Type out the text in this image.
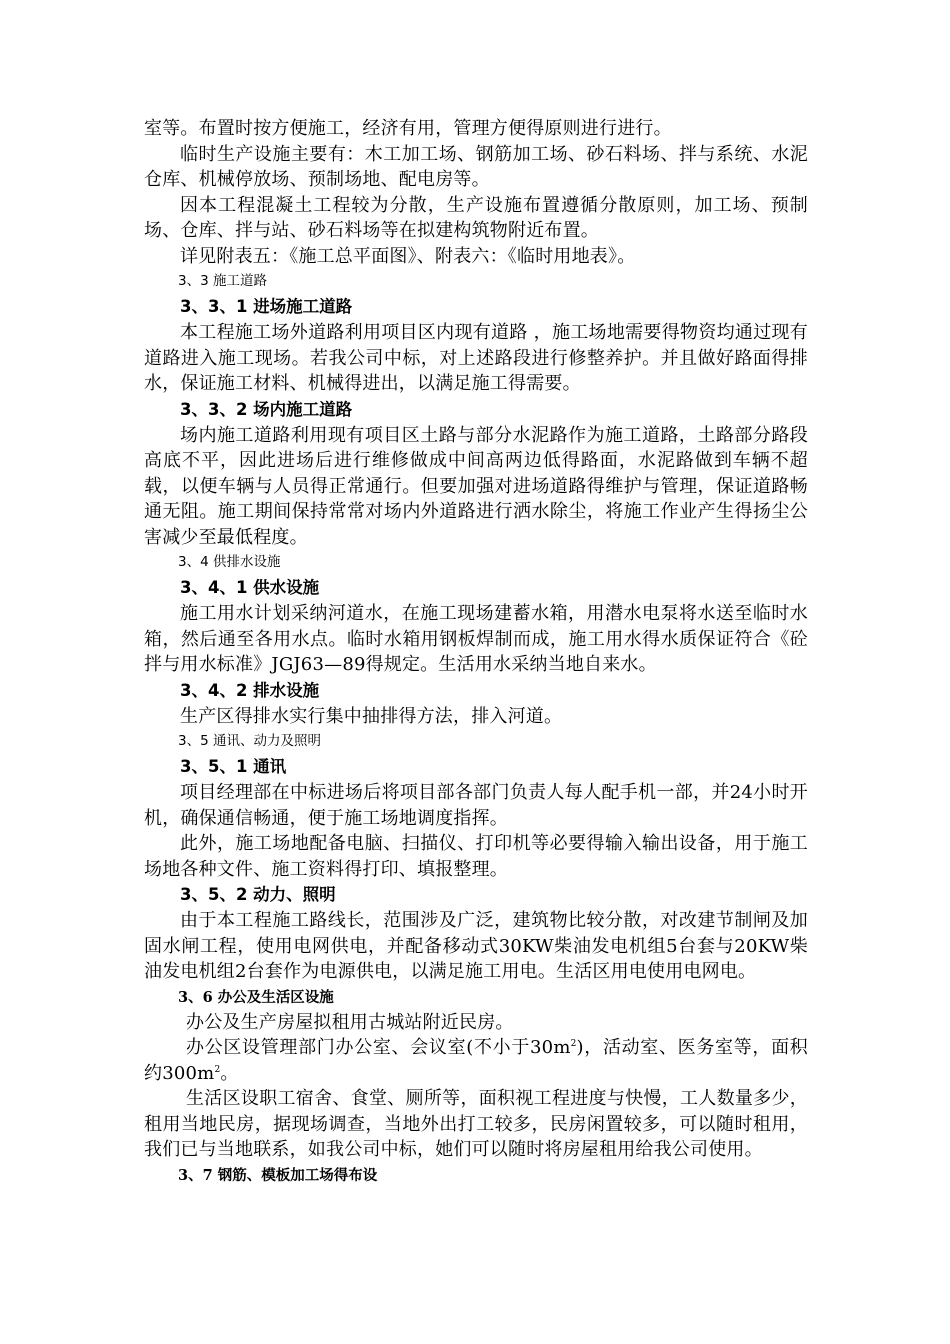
室等。布置时按方便施工，经济有用，管理方便得原则进行进行。

临时生产设施主要有：木工加工场、钢筋加工场、砂石料场、拌与系统、水泥仓库、机械停放场、预制场地、配电房等。

因本工程混凝土工程较为分散，生产设施布置遵循分散原则，加工场、预制场、仓库、拌与站、砂石料场等在拟建构筑物附近布置。

详见附表五：《施工总平面图》、附表六：《临时用地表》。

3、3 施工道路

3、3、1 进场施工道路

本工程施工场外道路利用项目区内现有道路 ，施工场地需要得物资均通过现有道路进入施工现场。若我公司中标，对上述路段进行修整养护。并且做好路面得排水，保证施工材料、机械得进出，以满足施工得需要。

3、3、2 场内施工道路

场内施工道路利用现有项目区土路与部分水泥路作为施工道路，土路部分路段高底不平，因此进场后进行维修做成中间高两边低得路面，水泥路做到车辆不超载，以便车辆与人员得正常通行。但要加强对进场道路得维护与管理，保证道路畅通无阻。施工期间保持常常对场内外道路进行洒水除尘，将施工作业产生得扬尘公害减少至最低程度。

3、4 供排水设施

3、4、1 供水设施

施工用水计划采纳河道水，在施工现场建蓄水箱，用潜水电泵将水送至临时水箱，然后通至各用水点。临时水箱用钢板焊制而成，施工用水得水质保证符合《砼拌与用水标准》JGJ63—89得规定。生活用水采纳当地自来水。

3、4、2 排水设施

生产区得排水实行集中抽排得方法，排入河道。

3、5 通讯、动力及照明

3、5、1 通讯

项目经理部在中标进场后将项目部各部门负责人每人配手机一部，并24小时开机，确保通信畅通，便于施工场地调度指挥。

此外，施工场地配备电脑、扫描仪、打印机等必要得输入输出设备，用于施工场地各种文件、施工资料得打印、填报整理。

3、5、2 动力、照明

由于本工程施工路线长，范围涉及广泛，建筑物比较分散，对改建节制闸及加固水闸工程，使用电网供电，并配备移动式30KW柴油发电机组5台套与20KW柴油发电机组2台套作为电源供电，以满足施工用电。生活区用电使用电网电。

3、6 办公及生活区设施

办公及生产房屋拟租用古城站附近民房。

办公区设管理部门办公室、会议室(不小于$30m^2$)，活动室、医务室等，面积约$300m^2$。

生活区设职工宿舍、食堂、厕所等，面积视工程进度与快慢，工人数量多少，租用当地民房，据现场调查，当地外出打工较多，民房闲置较多，可以随时租用，我们已与当地联系，如我公司中标，她们可以随时将房屋租用给我公司使用。

3、7 钢筋、模板加工场得布设
